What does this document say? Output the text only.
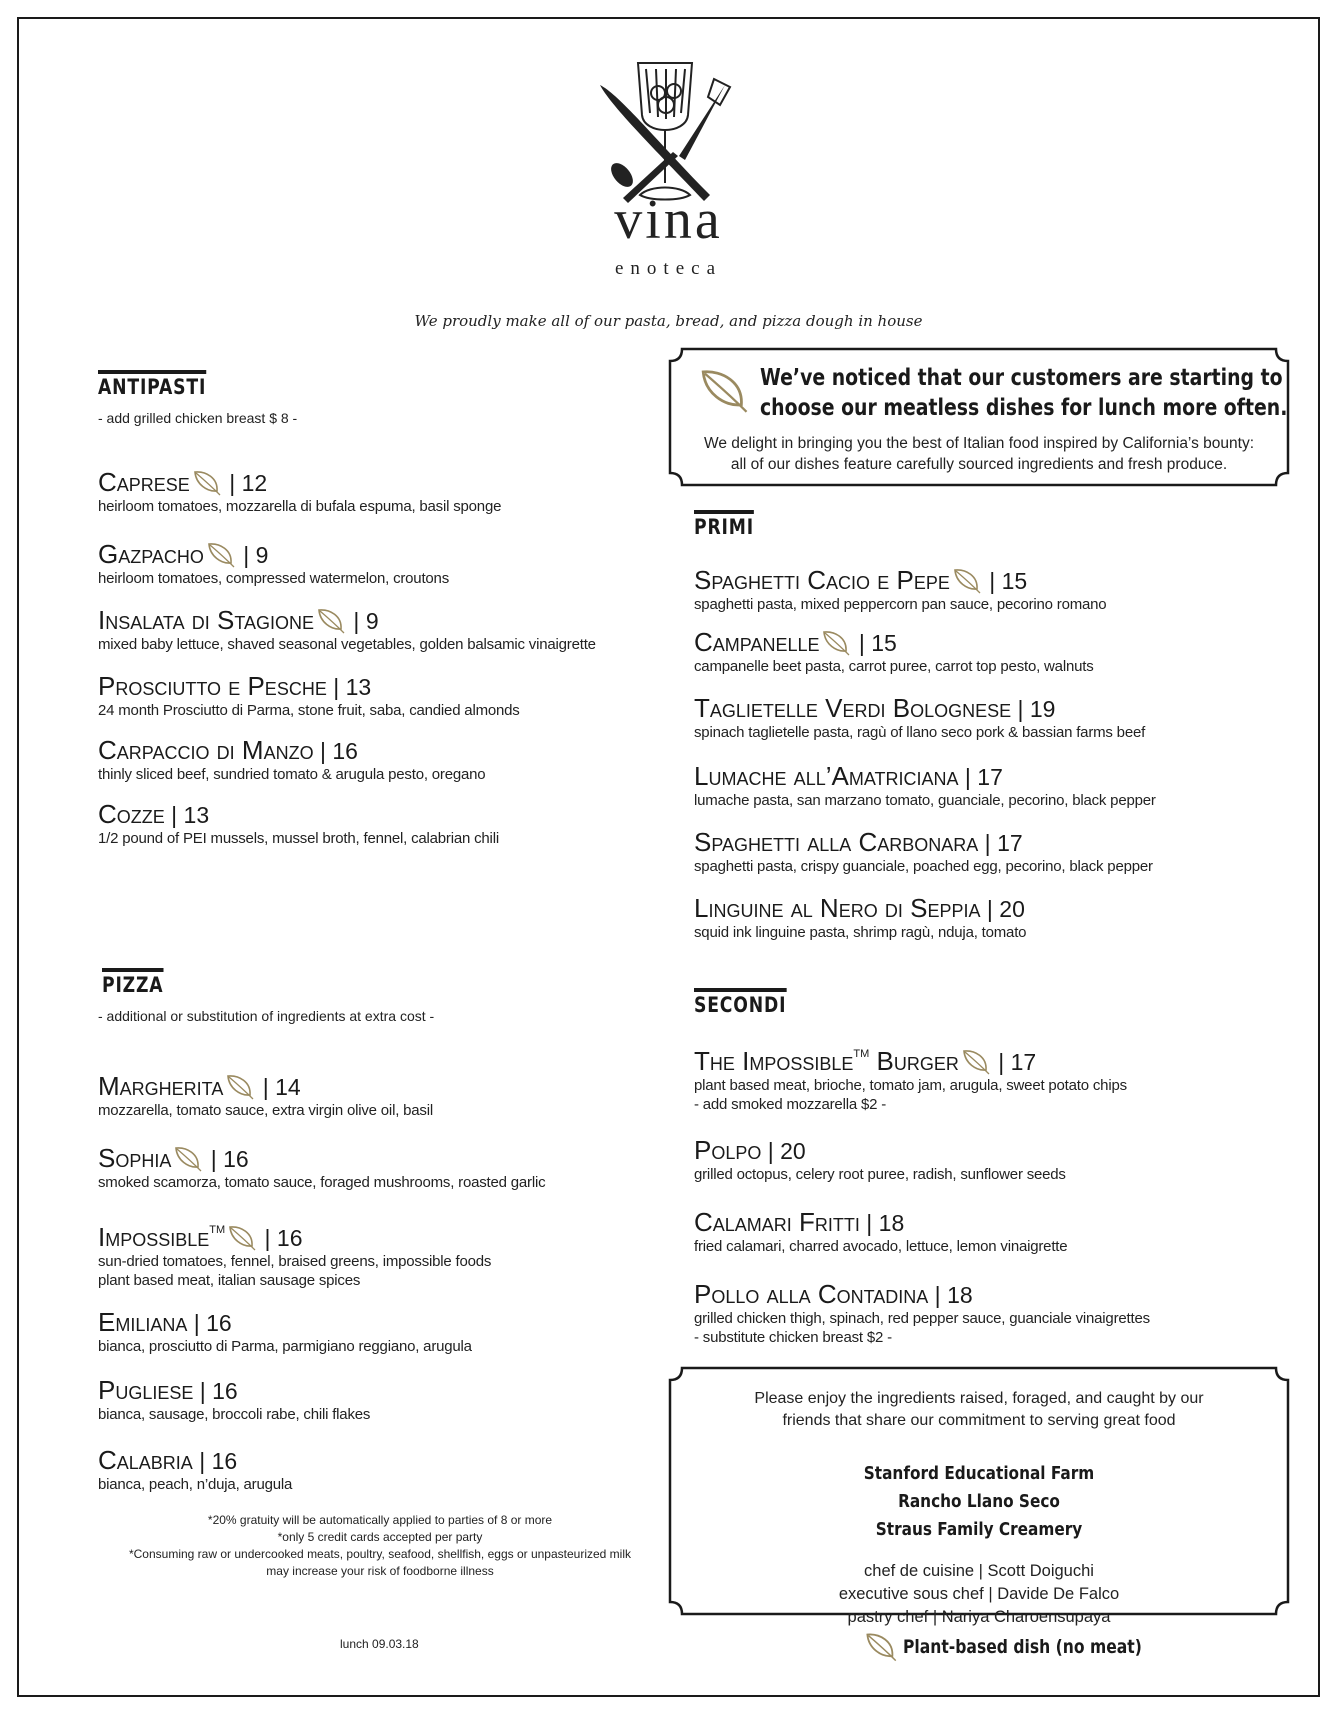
vina
enoteca
We proudly make all of our pasta, bread, and pizza dough in house
ANTIPASTI
- add grilled chicken breast $ 8 -
Caprese | 12
heirloom tomatoes, mozzarella di bufala espuma, basil sponge
Gazpacho | 9
heirloom tomatoes, compressed watermelon, croutons
Insalata di Stagione | 9
mixed baby lettuce, shaved seasonal vegetables, golden balsamic vinaigrette
Prosciutto e Pesche | 13
24 month Prosciutto di Parma, stone fruit, saba, candied almonds
Carpaccio di Manzo | 16
thinly sliced beef, sundried tomato & arugula pesto, oregano
Cozze | 13
1/2 pound of PEI mussels, mussel broth, fennel, calabrian chili
PIZZA
- additional or substitution of ingredients at extra cost -
Margherita | 14
mozzarella, tomato sauce, extra virgin olive oil, basil
Sophia | 16
smoked scamorza, tomato sauce, foraged mushrooms, roasted garlic
Impossible™ | 16
sun-dried tomatoes, fennel, braised greens, impossible foods
plant based meat, italian sausage spices
Emiliana | 16
bianca, prosciutto di Parma, parmigiano reggiano, arugula
Pugliese | 16
bianca, sausage, broccoli rabe, chili flakes
Calabria | 16
bianca, peach, n’duja, arugula
We’ve noticed that our customers are starting to
choose our meatless dishes for lunch more often.
We delight in bringing you the best of Italian food inspired by California’s bounty:
all of our dishes feature carefully sourced ingredients and fresh produce.
PRIMI
Spaghetti Cacio e Pepe | 15
spaghetti pasta, mixed peppercorn pan sauce, pecorino romano
Campanelle | 15
campanelle beet pasta, carrot puree, carrot top pesto, walnuts
Taglietelle Verdi Bolognese | 19
spinach taglietelle pasta, ragù of llano seco pork & bassian farms beef
Lumache all’Amatriciana | 17
lumache pasta, san marzano tomato, guanciale, pecorino, black pepper
Spaghetti alla Carbonara | 17
spaghetti pasta, crispy guanciale, poached egg, pecorino, black pepper
Linguine al Nero di Seppia | 20
squid ink linguine pasta, shrimp ragù, nduja, tomato
SECONDI
The Impossible™ Burger | 17
plant based meat, brioche, tomato jam, arugula, sweet potato chips
- add smoked mozzarella $2 -
Polpo | 20
grilled octopus, celery root puree, radish, sunflower seeds
Calamari Fritti | 18
fried calamari, charred avocado, lettuce, lemon vinaigrette
Pollo alla Contadina | 18
grilled chicken thigh, spinach, red pepper sauce, guanciale vinaigrettes
- substitute chicken breast $2 -
Please enjoy the ingredients raised, foraged, and caught by our
friends that share our commitment to serving great food
Stanford Educational Farm
Rancho Llano Seco
Straus Family Creamery
chef de cuisine | Scott Doiguchi
executive sous chef | Davide De Falco
pastry chef | Nariya Charoensupaya
Plant-based dish (no meat)
*20% gratuity will be automatically applied to parties of 8 or more
*only 5 credit cards accepted per party
*Consuming raw or undercooked meats, poultry, seafood, shellfish, eggs or unpasteurized milk
may increase your risk of foodborne illness
lunch 09.03.18
